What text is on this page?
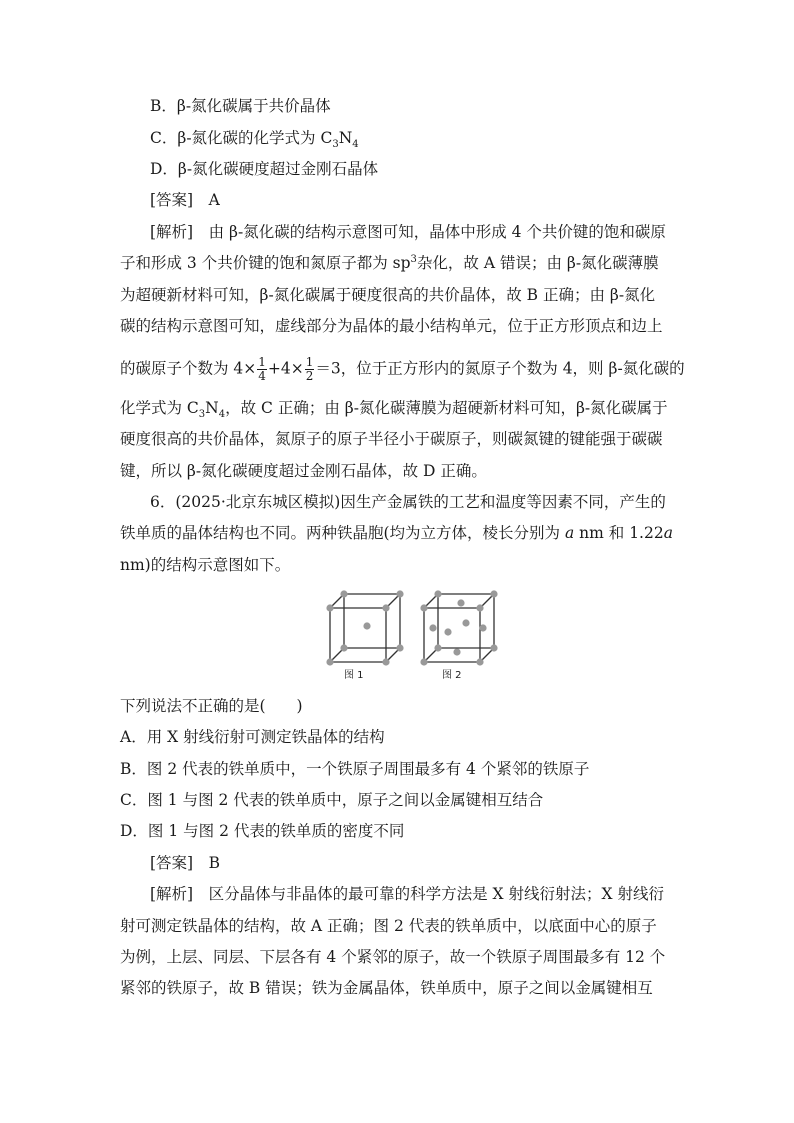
B．β-氮化碳属于共价晶体
C．β-氮化碳的化学式为 $C_3N_4$
D．β-氮化碳硬度超过金刚石晶体
[答案]　A
[解析]　由 β-氮化碳的结构示意图可知，晶体中形成 4 个共价键的饱和碳原
子和形成 3 个共价键的饱和氮原子都为 $sp^3$杂化，故 A 错误；由 β-氮化碳薄膜
为超硬新材料可知，β-氮化碳属于硬度很高的共价晶体，故 B 正确；由 β-氮化
碳的结构示意图可知，虚线部分为晶体的最小结构单元，位于正方形顶点和边上
的碳原子个数为 $4\times \frac{1}{4} +4\times \frac{1}{2} =3$，位于正方形内的氮原子个数为 4，则 β-氮化碳的
化学式为 $C_3N_4$，故 C 正确；由 β-氮化碳薄膜为超硬新材料可知，β-氮化碳属于
硬度很高的共价晶体，氮原子的原子半径小于碳原子，则碳氮键的键能强于碳碳
键，所以 β-氮化碳硬度超过金刚石晶体，故 D 正确。
6．(2025·北京东城区模拟)因生产金属铁的工艺和温度等因素不同，产生的
铁单质的晶体结构也不同。两种铁晶胞(均为立方体，棱长分别为 a nm 和 1.22a
nm)的结构示意图如下。
图 1	图 2
下列说法不正确的是(　　)
A．用 X 射线衍射可测定铁晶体的结构
B．图 2 代表的铁单质中，一个铁原子周围最多有 4 个紧邻的铁原子
C．图 1 与图 2 代表的铁单质中，原子之间以金属键相互结合
D．图 1 与图 2 代表的铁单质的密度不同
[答案]　B
[解析]　区分晶体与非晶体的最可靠的科学方法是 X 射线衍射法；X 射线衍
射可测定铁晶体的结构，故 A 正确；图 2 代表的铁单质中，以底面中心的原子
为例，上层、同层、下层各有 4 个紧邻的原子，故一个铁原子周围最多有 12 个
紧邻的铁原子，故 B 错误；铁为金属晶体，铁单质中，原子之间以金属键相互
